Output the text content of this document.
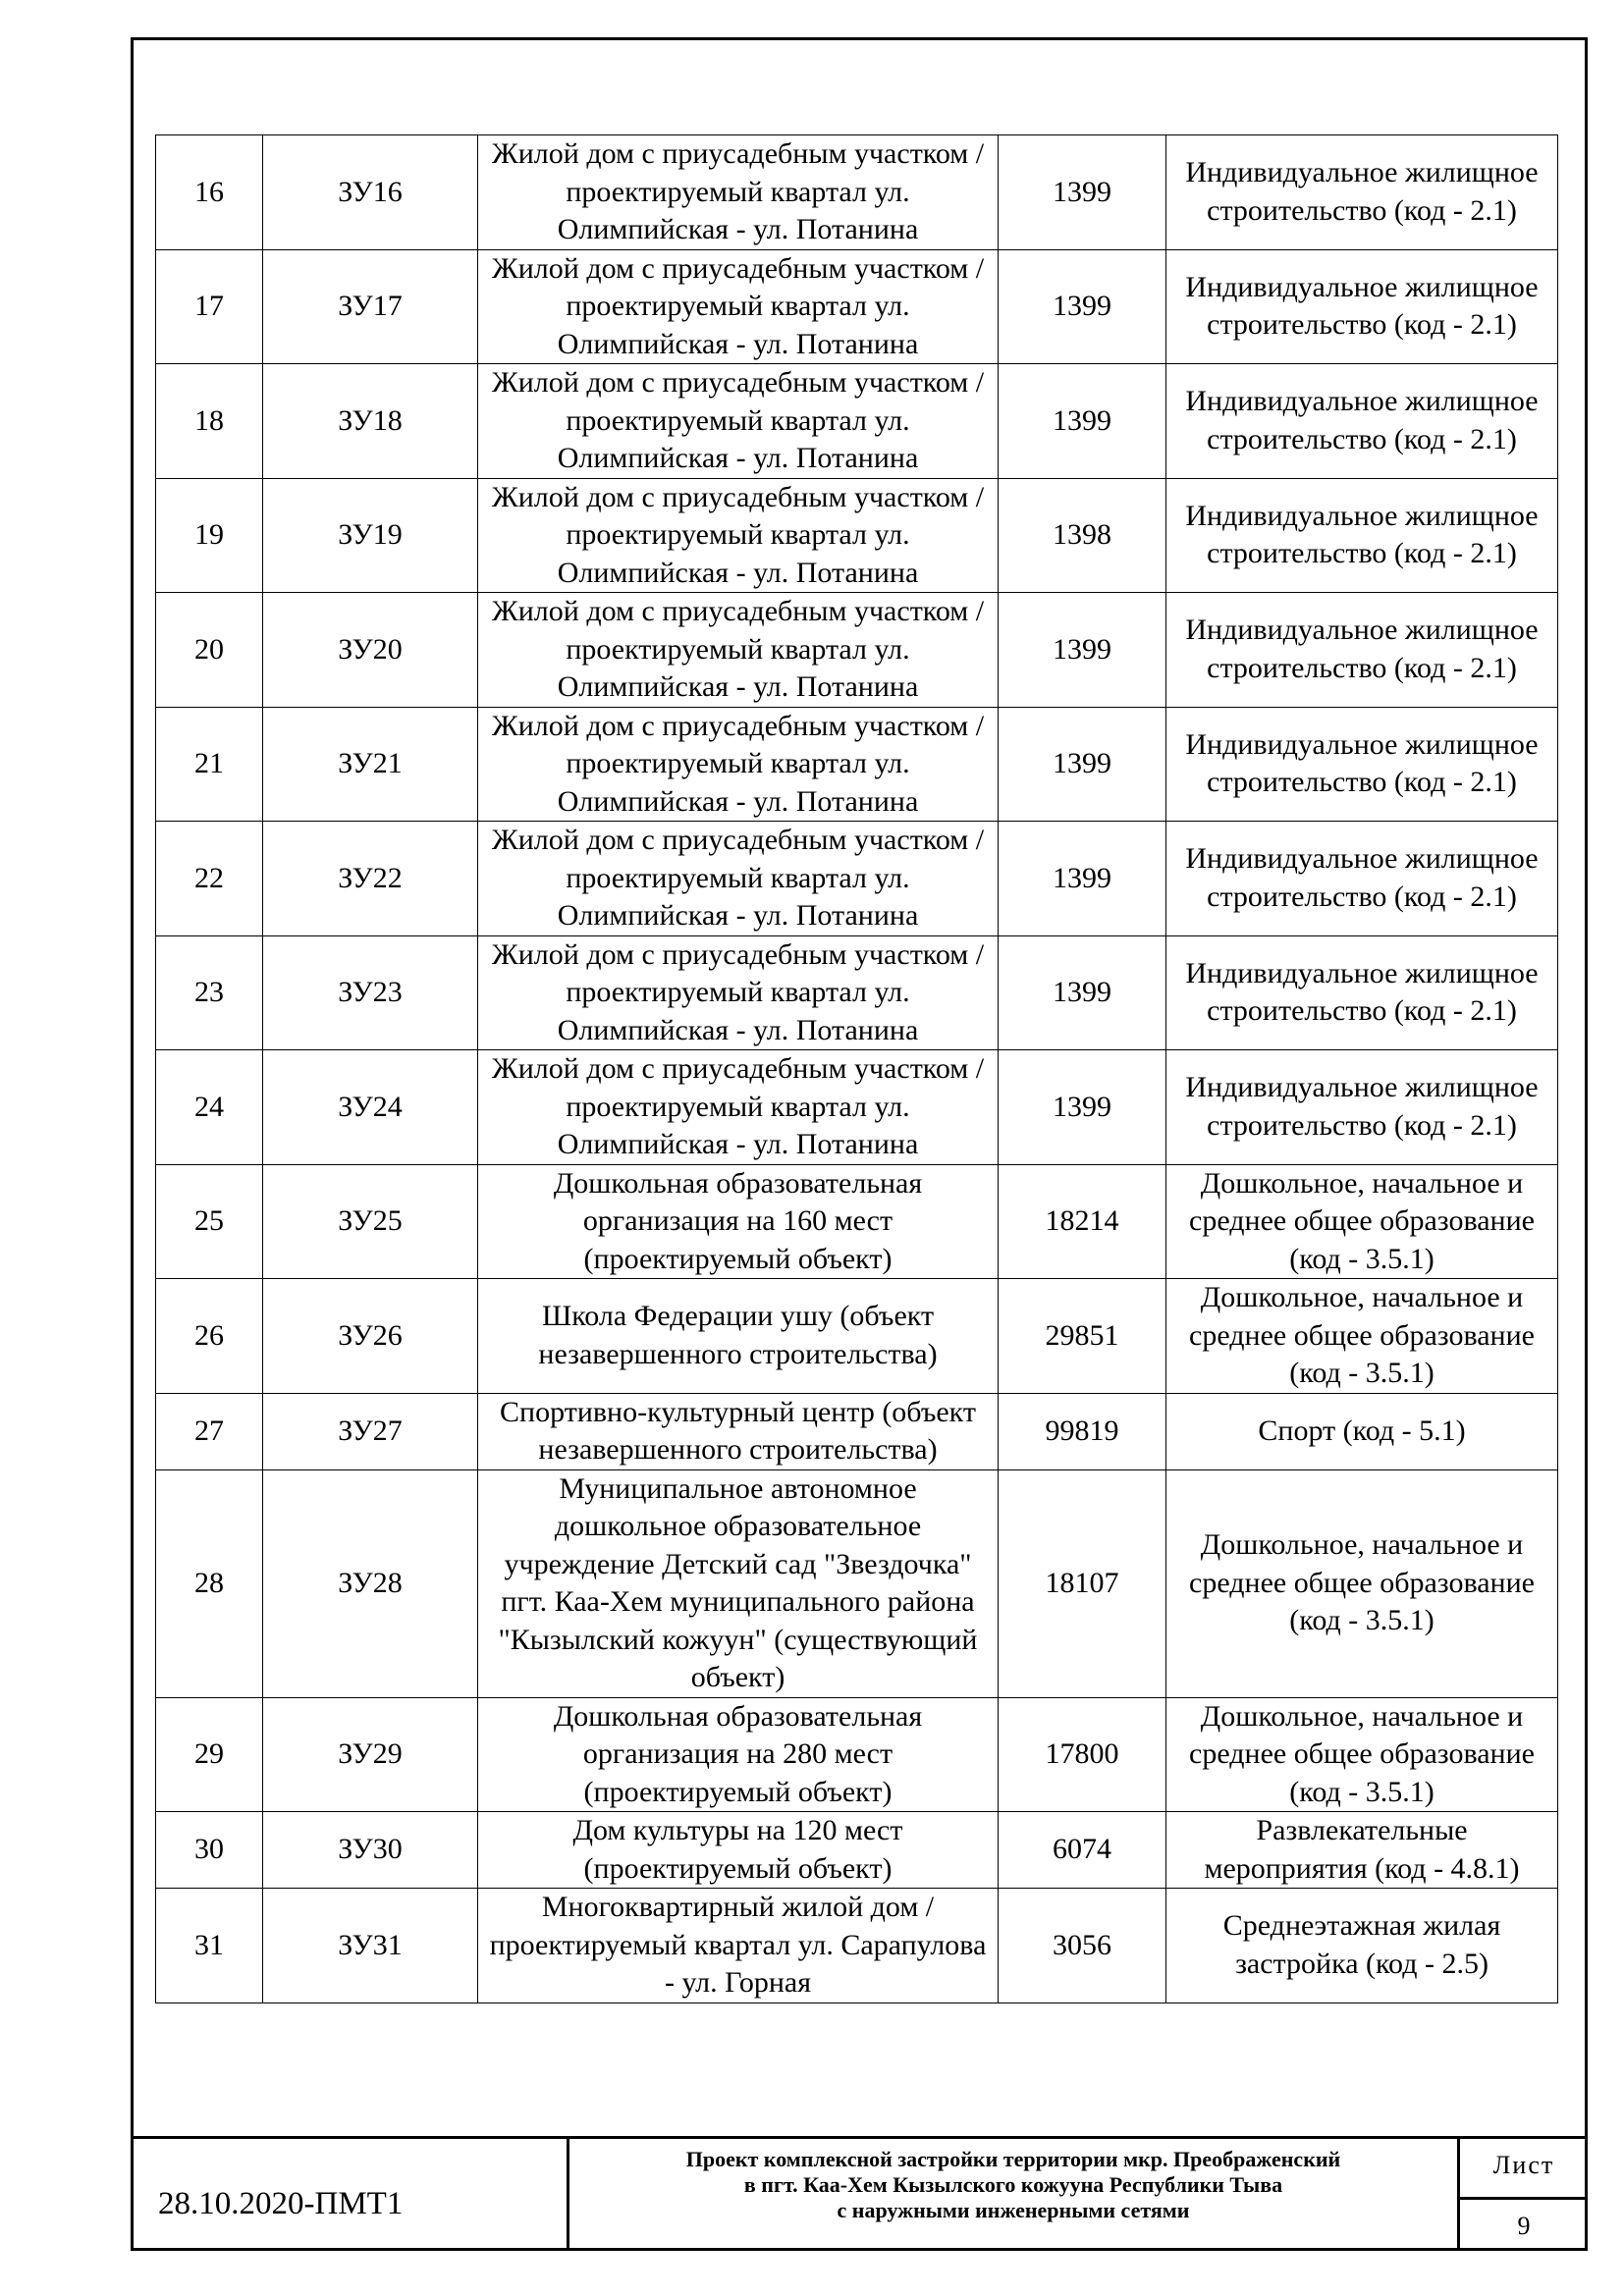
16	ЗУ16	Жилой дом с приусадебным участком / проектируемый квартал ул. Олимпийская - ул. Потанина	1399	Индивидуальное жилищное строительство (код - 2.1)
17	ЗУ17	Жилой дом с приусадебным участком / проектируемый квартал ул. Олимпийская - ул. Потанина	1399	Индивидуальное жилищное строительство (код - 2.1)
18	ЗУ18	Жилой дом с приусадебным участком / проектируемый квартал ул. Олимпийская - ул. Потанина	1399	Индивидуальное жилищное строительство (код - 2.1)
19	ЗУ19	Жилой дом с приусадебным участком / проектируемый квартал ул. Олимпийская - ул. Потанина	1398	Индивидуальное жилищное строительство (код - 2.1)
20	ЗУ20	Жилой дом с приусадебным участком / проектируемый квартал ул. Олимпийская - ул. Потанина	1399	Индивидуальное жилищное строительство (код - 2.1)
21	ЗУ21	Жилой дом с приусадебным участком / проектируемый квартал ул. Олимпийская - ул. Потанина	1399	Индивидуальное жилищное строительство (код - 2.1)
22	ЗУ22	Жилой дом с приусадебным участком / проектируемый квартал ул. Олимпийская - ул. Потанина	1399	Индивидуальное жилищное строительство (код - 2.1)
23	ЗУ23	Жилой дом с приусадебным участком / проектируемый квартал ул. Олимпийская - ул. Потанина	1399	Индивидуальное жилищное строительство (код - 2.1)
24	ЗУ24	Жилой дом с приусадебным участком / проектируемый квартал ул. Олимпийская - ул. Потанина	1399	Индивидуальное жилищное строительство (код - 2.1)
25	ЗУ25	Дошкольная образовательная организация на 160 мест (проектируемый объект)	18214	Дошкольное, начальное и среднее общее образование (код - 3.5.1)
26	ЗУ26	Школа Федерации ушу (объект незавершенного строительства)	29851	Дошкольное, начальное и среднее общее образование (код - 3.5.1)
27	ЗУ27	Спортивно-культурный центр (объект незавершенного строительства)	99819	Спорт (код - 5.1)
28	ЗУ28	Муниципальное автономное дошкольное образовательное учреждение Детский сад "Звездочка" пгт. Каа-Хем муниципального района "Кызылский кожуун" (существующий объект)	18107	Дошкольное, начальное и среднее общее образование (код - 3.5.1)
29	ЗУ29	Дошкольная образовательная организация на 280 мест (проектируемый объект)	17800	Дошкольное, начальное и среднее общее образование (код - 3.5.1)
30	ЗУ30	Дом культуры на 120 мест (проектируемый объект)	6074	Развлекательные мероприятия (код - 4.8.1)
31	ЗУ31	Многоквартирный жилой дом / проектируемый квартал ул. Сарапулова - ул. Горная	3056	Среднеэтажная жилая застройка (код - 2.5)
28.10.2020-ПМТ1
Проект комплексной застройки территории мкр. Преображенский
в пгт. Каа-Хем Кызылского кожууна Республики Тыва
с наружными инженерными сетями
Лист
9
